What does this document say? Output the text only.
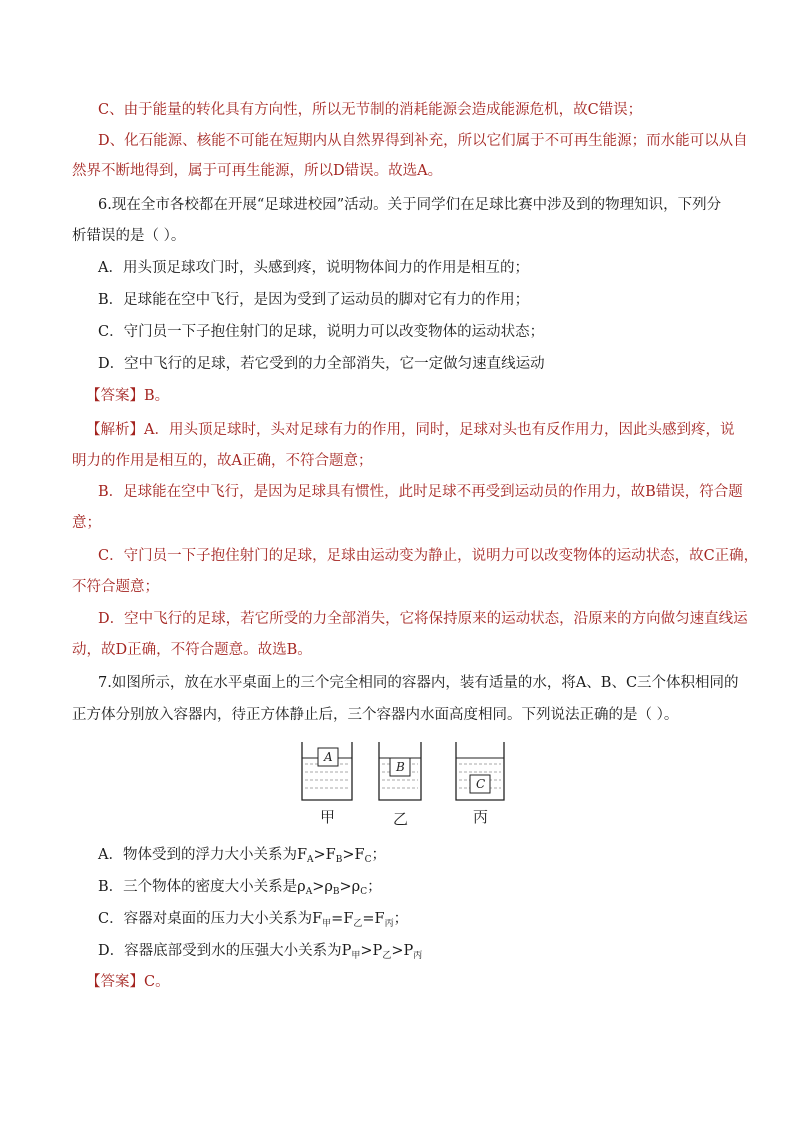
C、由于能量的转化具有方向性，所以无节制的消耗能源会造成能源危机，故C错误；
D、化石能源、核能不可能在短期内从自然界得到补充，所以它们属于不可再生能源；而水能可以从自
然界不断地得到，属于可再生能源，所以D错误。故选A。
6.现在全市各校都在开展“足球进校园”活动。关于同学们在足球比赛中涉及到的物理知识，下列分
析错误的是（ ）。
A．用头顶足球攻门时，头感到疼，说明物体间力的作用是相互的；
B．足球能在空中飞行，是因为受到了运动员的脚对它有力的作用；
C．守门员一下子抱住射门的足球，说明力可以改变物体的运动状态；
D．空中飞行的足球，若它受到的力全部消失，它一定做匀速直线运动
【答案】B。
【解析】A．用头顶足球时，头对足球有力的作用，同时，足球对头也有反作用力，因此头感到疼，说
明力的作用是相互的，故A正确，不符合题意；
B．足球能在空中飞行，是因为足球具有惯性，此时足球不再受到运动员的作用力，故B错误，符合题
意；
C．守门员一下子抱住射门的足球，足球由运动变为静止，说明力可以改变物体的运动状态，故C正确，
不符合题意；
D．空中飞行的足球，若它所受的力全部消失，它将保持原来的运动状态，沿原来的方向做匀速直线运
动，故D正确，不符合题意。故选B。
7.如图所示，放在水平桌面上的三个完全相同的容器内，装有适量的水，将A、B、C三个体积相同的
正方体分别放入容器内，待正方体静止后，三个容器内水面高度相同。下列说法正确的是（ ）。
A
甲
B
乙
C
丙
A．物体受到的浮力大小关系为$F_A>F_B>F_C$；
B．三个物体的密度大小关系是$\rho_A>\rho_B>\rho_C$；
C．容器对桌面的压力大小关系为$F_甲=F_乙=F_丙$；
D．容器底部受到水的压强大小关系为$P_甲>P_乙>P_丙$
【答案】C。
